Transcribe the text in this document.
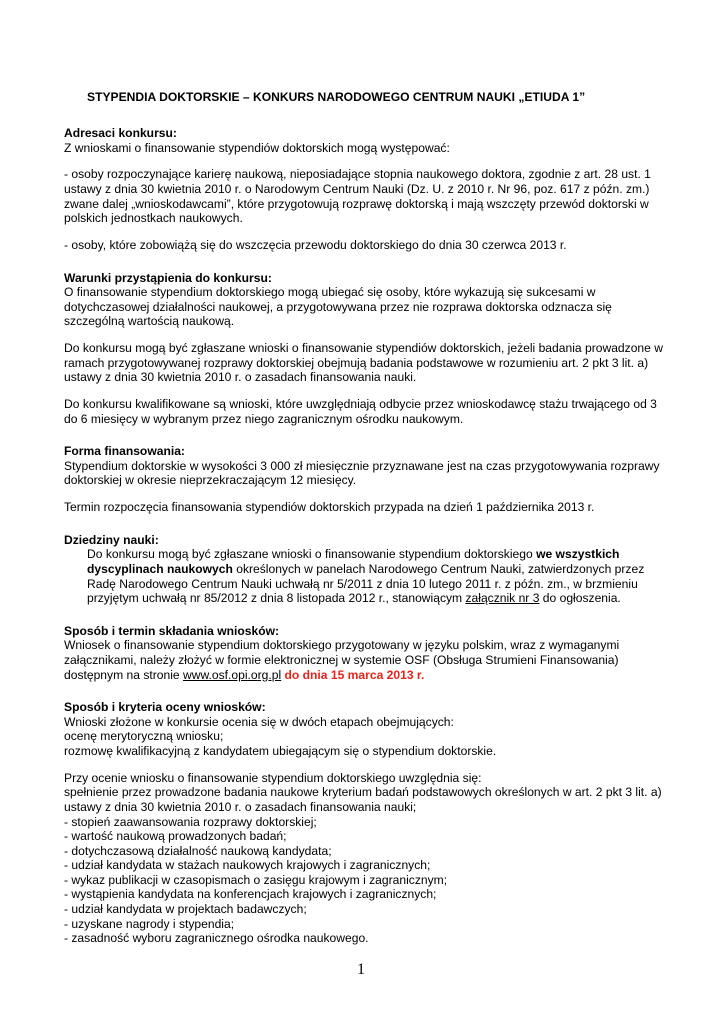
STYPENDIA DOKTORSKIE – KONKURS NARODOWEGO CENTRUM NAUKI „ETIUDA 1”

Adresaci konkursu:

Z wnioskami o finansowanie stypendiów doktorskich mogą występować:

- osoby rozpoczynające karierę naukową, nieposiadające stopnia naukowego doktora, zgodnie z art. 28 ust. 1 ustawy z dnia 30 kwietnia 2010 r. o Narodowym Centrum Nauki (Dz. U. z 2010 r. Nr 96, poz. 617 z późn. zm.) zwane dalej „wnioskodawcami”, które przygotowują rozprawę doktorską i mają wszczęty przewód doktorski w polskich jednostkach naukowych.

- osoby, które zobowiążą się do wszczęcia przewodu doktorskiego do dnia 30 czerwca 2013 r.

Warunki przystąpienia do konkursu:

O finansowanie stypendium doktorskiego mogą ubiegać się osoby, które wykazują się sukcesami w dotychczasowej działalności naukowej, a przygotowywana przez nie rozprawa doktorska odznacza się szczególną wartością naukową.

Do konkursu mogą być zgłaszane wnioski o finansowanie stypendiów doktorskich, jeżeli badania prowadzone w ramach przygotowywanej rozprawy doktorskiej obejmują badania podstawowe w rozumieniu art. 2 pkt 3 lit. a) ustawy z dnia 30 kwietnia 2010 r. o zasadach finansowania nauki.

Do konkursu kwalifikowane są wnioski, które uwzględniają odbycie przez wnioskodawcę stażu trwającego od 3 do 6 miesięcy w wybranym przez niego zagranicznym ośrodku naukowym.

Forma finansowania:

Stypendium doktorskie w wysokości 3 000 zł miesięcznie przyznawane jest na czas przygotowywania rozprawy doktorskiej w okresie nieprzekraczającym 12 miesięcy.

Termin rozpoczęcia finansowania stypendiów doktorskich przypada na dzień 1 października 2013 r.

Dziedziny nauki:

Do konkursu mogą być zgłaszane wnioski o finansowanie stypendium doktorskiego we wszystkich dyscyplinach naukowych określonych w panelach Narodowego Centrum Nauki, zatwierdzonych przez Radę Narodowego Centrum Nauki uchwałą nr 5/2011 z dnia 10 lutego 2011 r. z późn. zm., w brzmieniu przyjętym uchwałą nr 85/2012 z dnia 8 listopada 2012 r., stanowiącym załącznik nr 3 do ogłoszenia.

Sposób i termin składania wniosków:

Wniosek o finansowanie stypendium doktorskiego przygotowany w języku polskim, wraz z wymaganymi załącznikami, należy złożyć w formie elektronicznej w systemie OSF (Obsługa Strumieni Finansowania) dostępnym na stronie www.osf.opi.org.pl do dnia 15 marca 2013 r.

Sposób i kryteria oceny wniosków:

Wnioski złożone w konkursie ocenia się w dwóch etapach obejmujących:

ocenę merytoryczną wniosku;

rozmowę kwalifikacyjną z kandydatem ubiegającym się o stypendium doktorskie.

Przy ocenie wniosku o finansowanie stypendium doktorskiego uwzględnia się:

spełnienie przez prowadzone badania naukowe kryterium badań podstawowych określonych w art. 2 pkt 3 lit. a) ustawy z dnia 30 kwietnia 2010 r. o zasadach finansowania nauki;

- stopień zaawansowania rozprawy doktorskiej;

- wartość naukową prowadzonych badań;

- dotychczasową działalność naukową kandydata;

- udział kandydata w stażach naukowych krajowych i zagranicznych;

- wykaz publikacji w czasopismach o zasięgu krajowym i zagranicznym;

- wystąpienia kandydata na konferencjach krajowych i zagranicznych;

- udział kandydata w projektach badawczych;

- uzyskane nagrody i stypendia;

- zasadność wyboru zagranicznego ośrodka naukowego.

1
